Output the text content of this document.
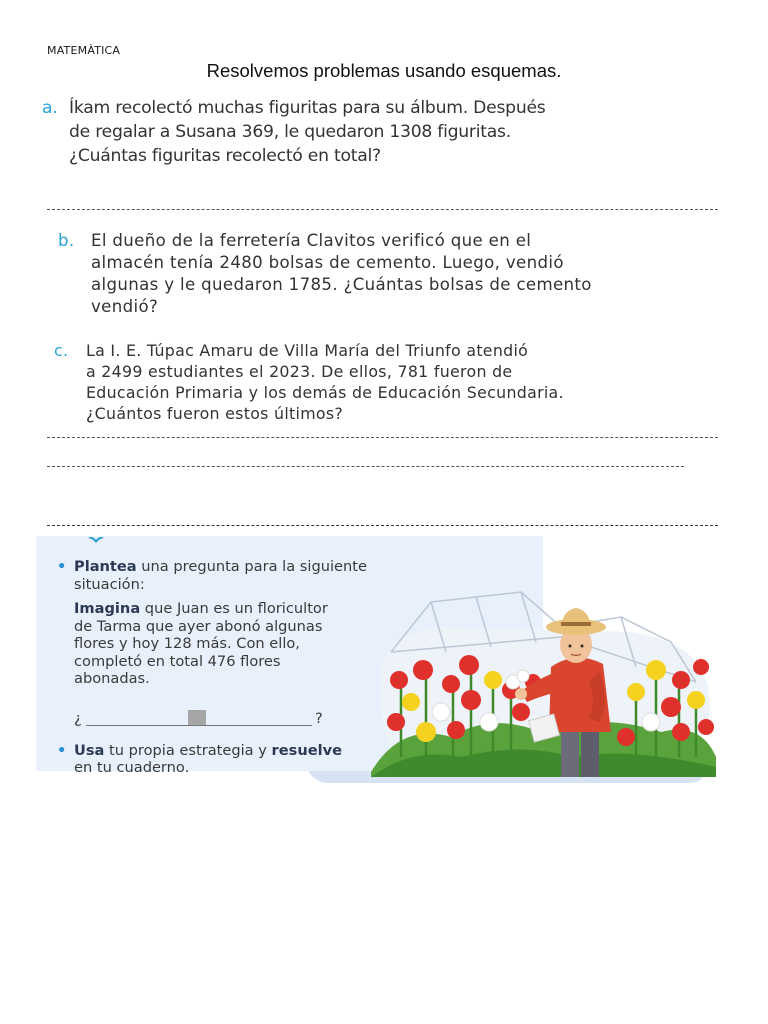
MATEMÀTICA
Resolvemos problemas usando esquemas.
a. Íkam recolectó muchas figuritas para su álbum. Después
de regalar a Susana 369, le quedaron 1308 figuritas.
¿Cuántas figuritas recolectó en total?
b. El dueño de la ferretería Clavitos verificó que en el
almacén tenía 2480 bolsas de cemento. Luego, vendió
algunas y le quedaron 1785. ¿Cuántas bolsas de cemento
vendió?
c. La I. E. Túpac Amaru de Villa María del Triunfo atendió
a 2499 estudiantes el 2023. De ellos, 781 fueron de
Educación Primaria y los demás de Educación Secundaria.
¿Cuántos fueron estos últimos?
• Plantea una pregunta para la siguiente
situación:
Imagina que Juan es un floricultor
de Tarma que ayer abonó algunas
flores y hoy 128 más. Con ello,
completó en total 476 flores
abonadas.
¿	?
• Usa tu propia estrategia y resuelve
en tu cuaderno.
